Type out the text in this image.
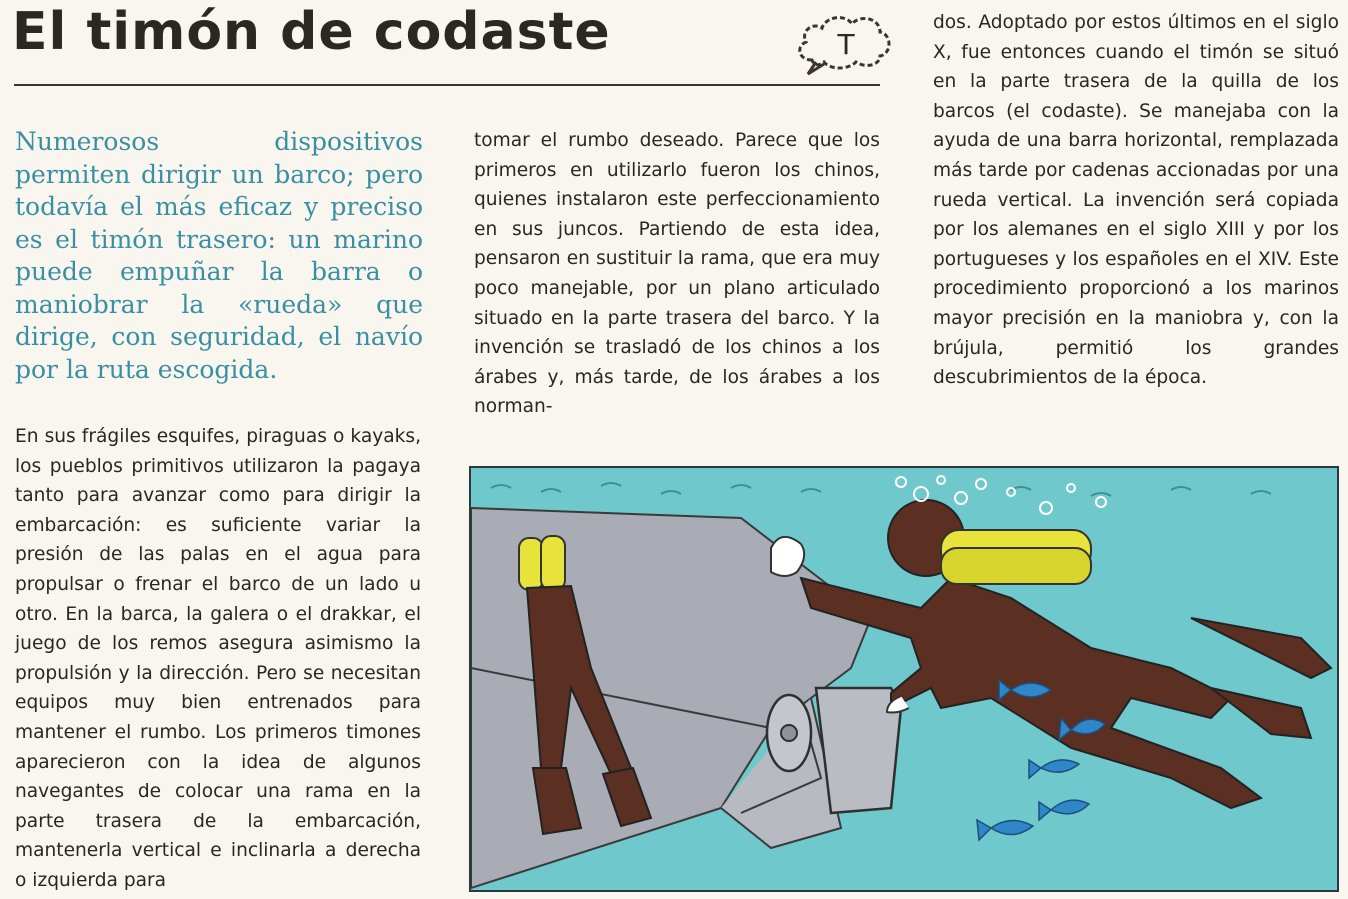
El timón de codaste	T

Numerosos dispositivos permiten dirigir un barco; pero todavía el más eficaz y preciso es el timón trasero: un marino puede empuñar la barra o maniobrar la «rueda» que dirige, con seguridad, el navío por la ruta escogida.

En sus frágiles esquifes, piraguas o kayaks, los pueblos primitivos utilizaron la pagaya tanto para avanzar como para dirigir la embarcación: es suficiente variar la presión de las palas en el agua para propulsar o frenar el barco de un lado u otro. En la barca, la galera o el drakkar, el juego de los remos asegura asimismo la propulsión y la dirección. Pero se necesitan equipos muy bien entrenados para mantener el rumbo. Los primeros timones aparecieron con la idea de algunos navegantes de colocar una rama en la parte trasera de la embarcación, mantenerla vertical e inclinarla a derecha o izquierda para

tomar el rumbo deseado. Parece que los primeros en utilizarlo fueron los chinos, quienes instalaron este perfeccionamiento en sus juncos. Partiendo de esta idea, pensaron en sustituir la rama, que era muy poco manejable, por un plano articulado situado en la parte trasera del barco. Y la invención se trasladó de los chinos a los árabes y, más tarde, de los árabes a los norman-

dos. Adoptado por estos últimos en el siglo X, fue entonces cuando el timón se situó en la parte trasera de la quilla de los barcos (el codaste). Se manejaba con la ayuda de una barra horizontal, remplazada más tarde por cadenas accionadas por una rueda vertical. La invención será copiada por los alemanes en el siglo XIII y por los portugueses y los españoles en el XIV. Este procedimiento proporcionó a los marinos mayor precisión en la maniobra y, con la brújula, permitió los grandes descubrimientos de la época.
